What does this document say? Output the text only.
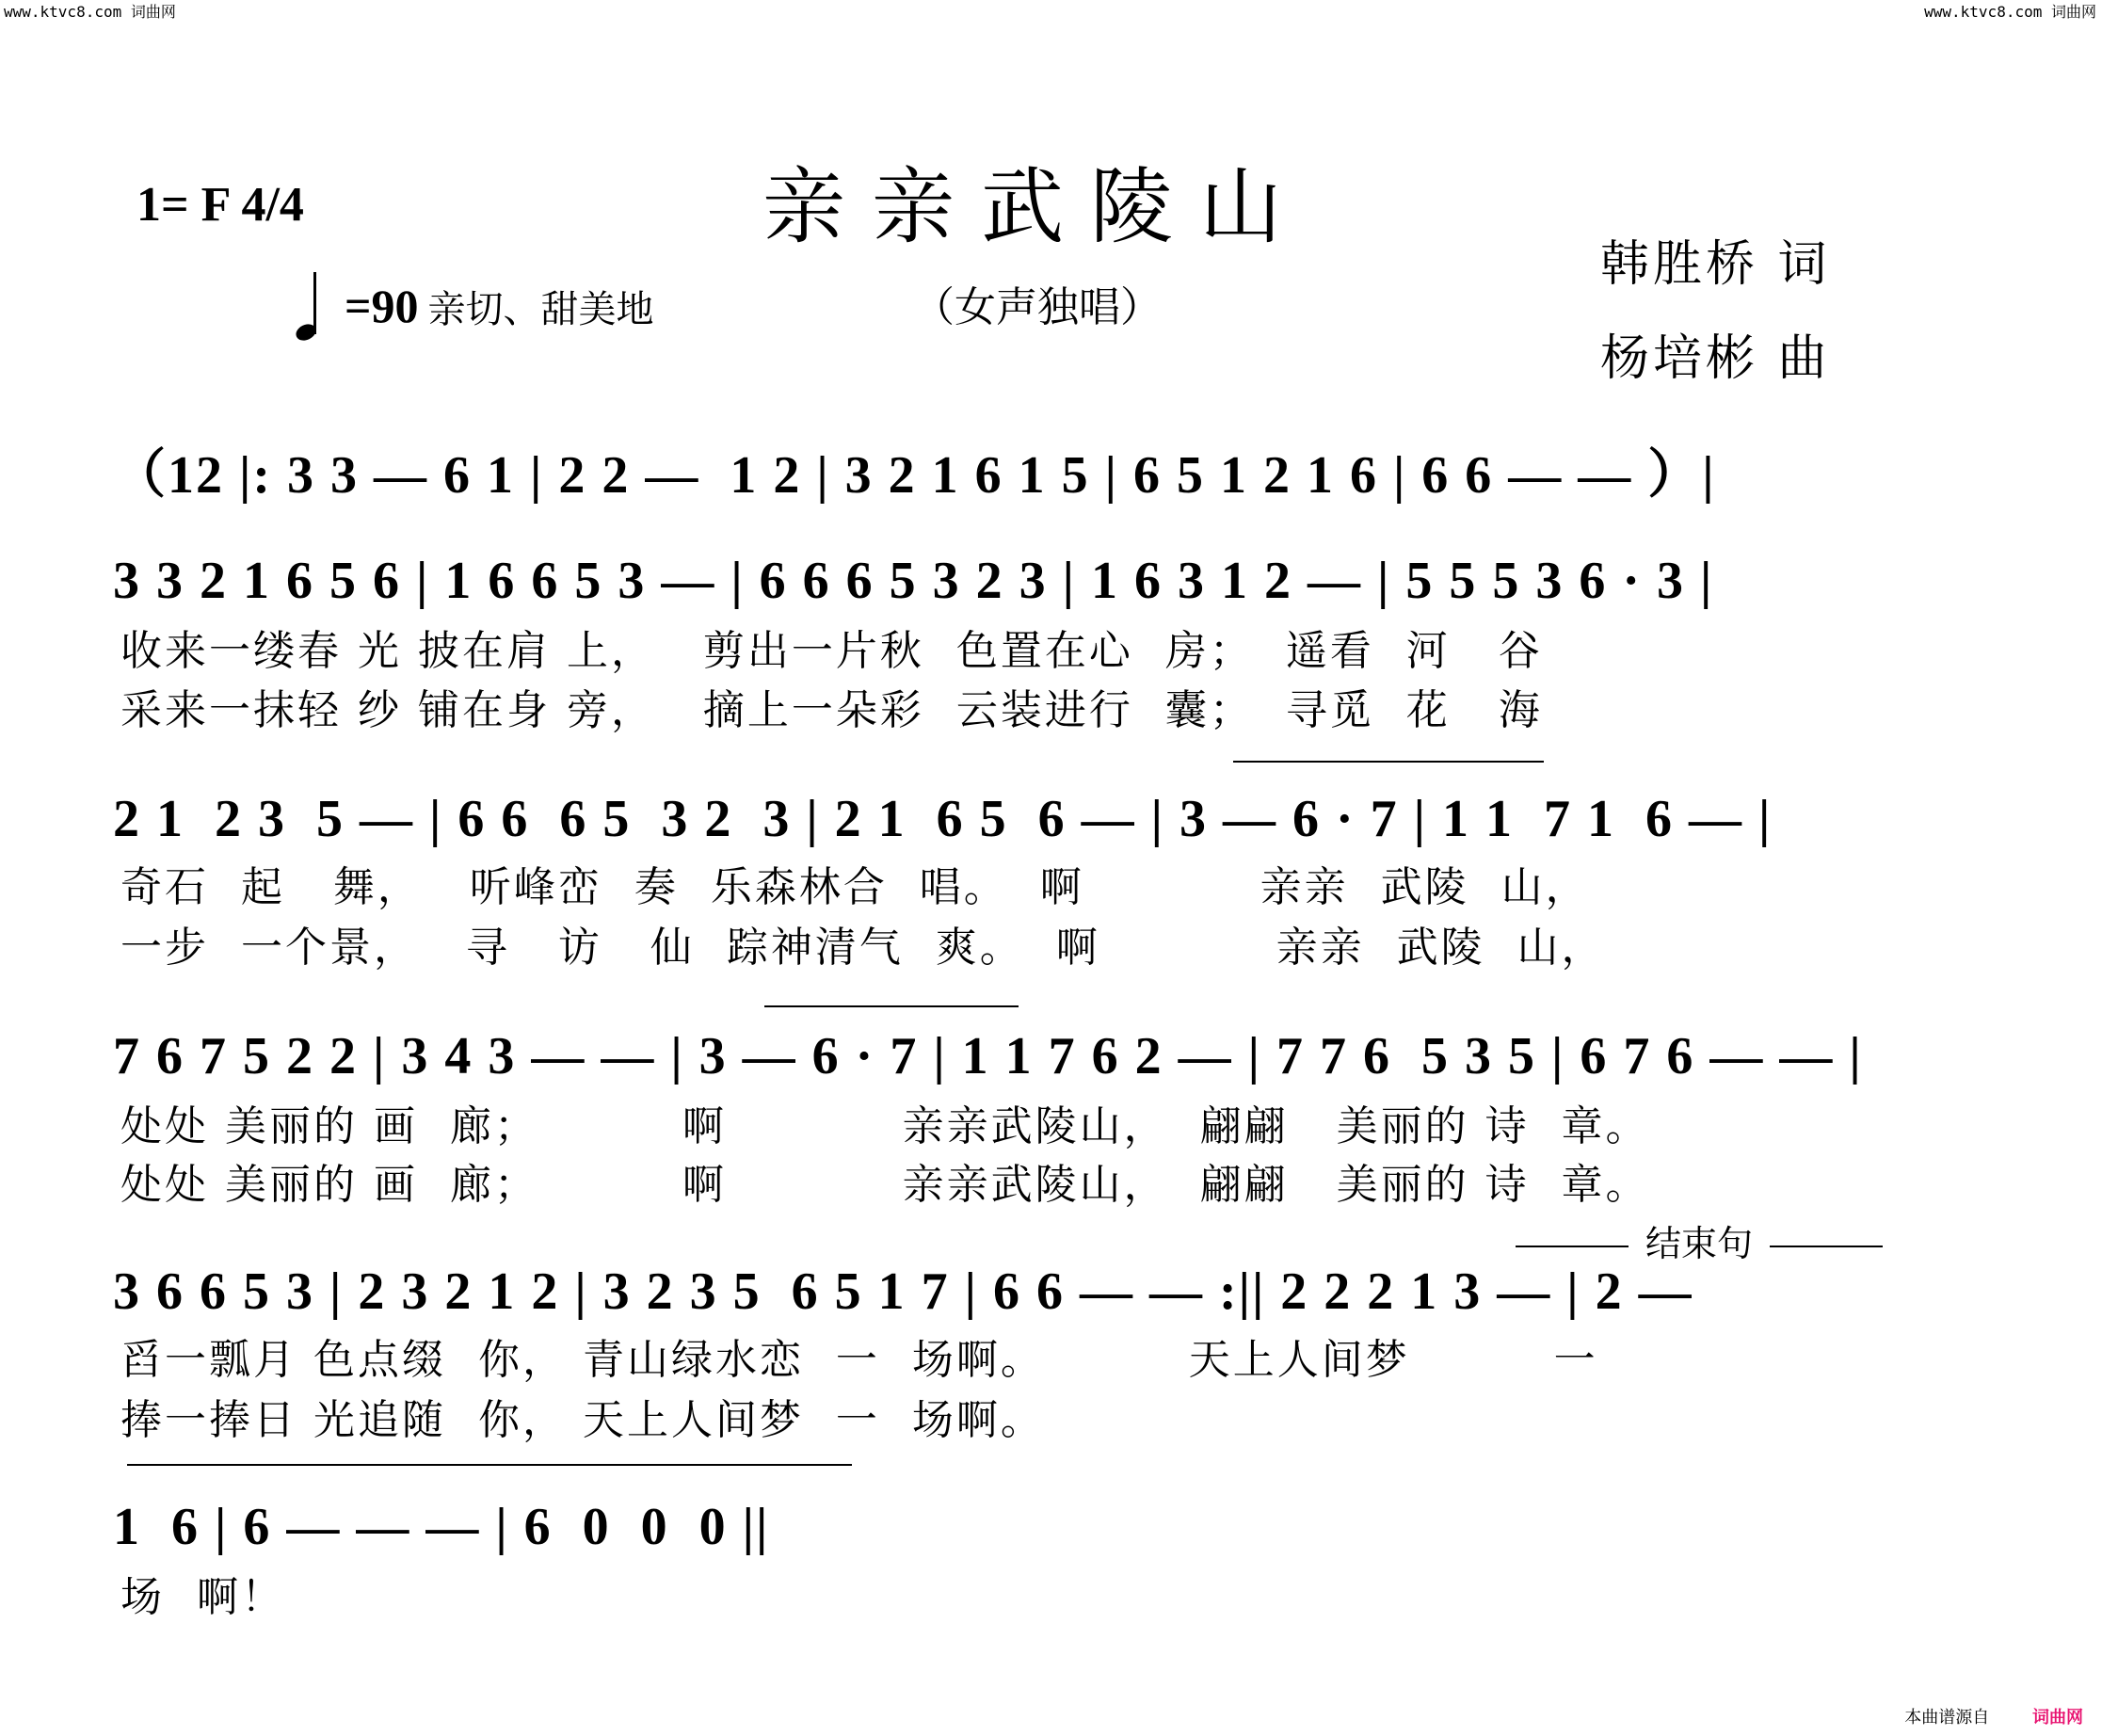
www.ktvc8.com 词曲网	www.ktvc8.com 词曲网
1= F 4/4	亲亲武陵山
=90 亲切、甜美地	（女声独唱）
韩胜桥 词
杨培彬 曲
（12 |: 3 3 — 6 1 | 2 2 —  1 2 | 3 2 1 6 1 5 | 6 5 1 2 1 6 | 6 6 — — ）|
3 3 2 1 6 5 6 | 1 6 6 5 3 — | 6 6 6 5 3 2 3 | 1 6 3 1 2 — | 5 5 5 3 6 · 3 |
收来一缕春 光 披在肩 上，   剪出一片秋  色置在心  房；  遥看  河   谷
采来一抹轻 纱 铺在身 旁，   摘上一朵彩  云装进行  囊；  寻觅  花   海
2 1  2 3  5 — | 6 6  6 5  3 2  3 | 2 1  6 5  6 — | 3 — 6 · 7 | 1 1  7 1  6 — |
奇石  起   舞，   听峰峦  奏  乐森林合  唱。  啊           亲亲  武陵  山，
一步  一个景，   寻   访   仙  踪神清气  爽。  啊           亲亲  武陵  山，
7 6 7 5 2 2 | 3 4 3 — — | 3 — 6 · 7 | 1 1 7 6 2 — | 7 7 6  5 3 5 | 6 7 6 — — |
处处 美丽的 画  廊；         啊           亲亲武陵山，  翩翩   美丽的 诗  章。
处处 美丽的 画  廊；         啊           亲亲武陵山，  翩翩   美丽的 诗  章。
结束句
3 6 6 5 3 | 2 3 2 1 2 | 3 2 3 5  6 5 1 7 | 6 6 — — :|| 2 2 2 1 3 — | 2 —
舀一瓢月 色点缀  你， 青山绿水恋  一  场啊。         天上人间梦         一
捧一捧日 光追随  你， 天上人间梦  一  场啊。
1  6 | 6 — — — | 6  0  0  0 ||
场  啊！
本曲谱源自	词曲网
